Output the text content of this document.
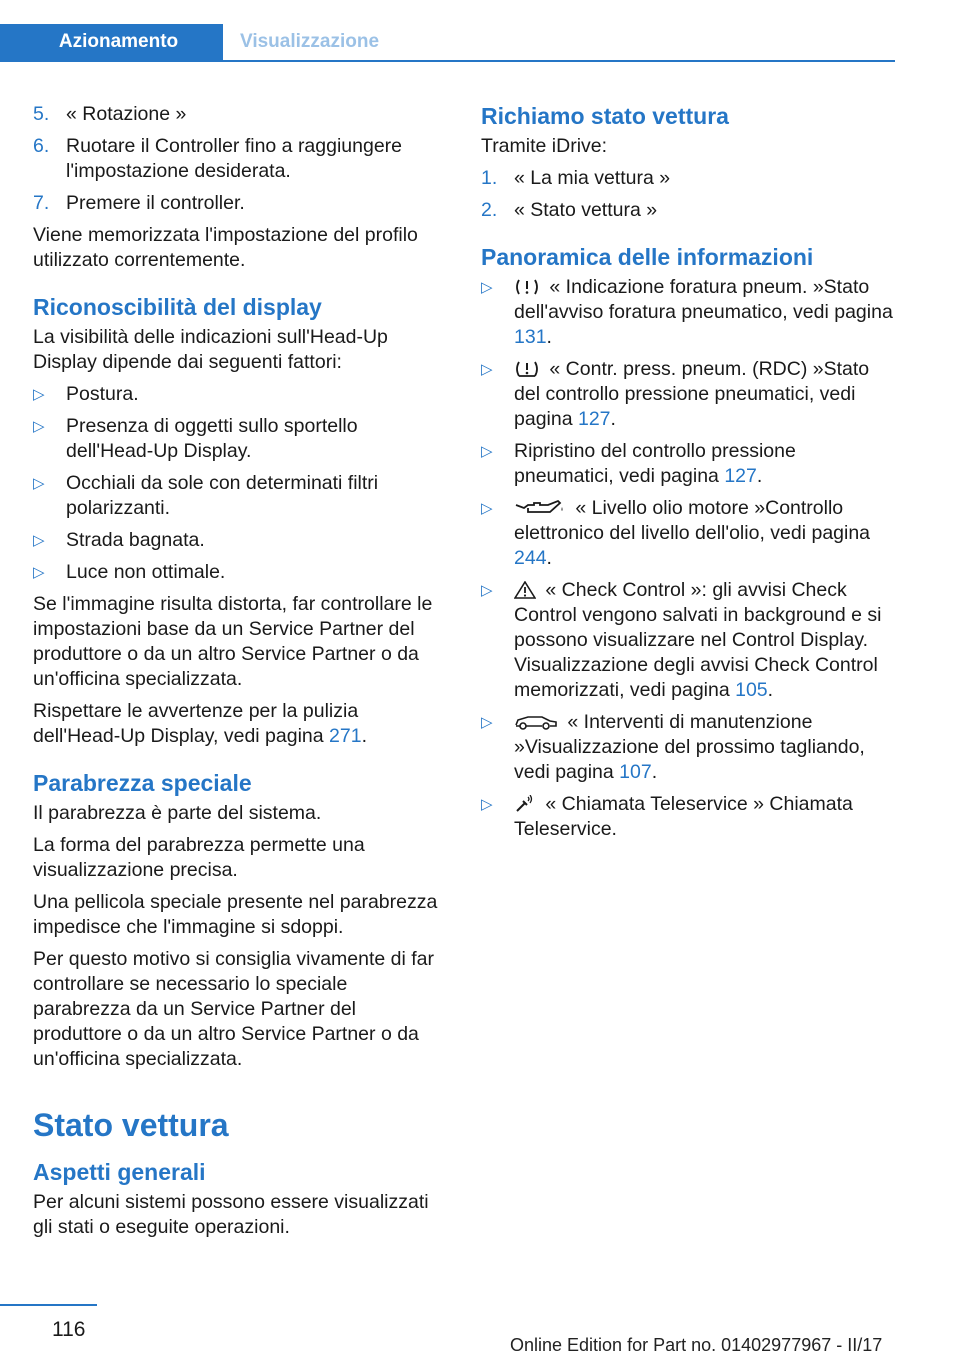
Azionamento	Visualizzazione
5. « Rotazione »
6. Ruotare il Controller fino a raggiungere l'impostazione desiderata.
7. Premere il controller.

Viene memorizzata l'impostazione del profilo utilizzato correntemente.

Riconoscibilità del display

La visibilità delle indicazioni sull'Head-Up Display dipende dai seguenti fattori:

▷	Postura.
▷	Presenza di oggetti sullo sportello dell'Head-Up Display.
▷	Occhiali da sole con determinati filtri polarizzanti.
▷	Strada bagnata.
▷	Luce non ottimale.

Se l'immagine risulta distorta, far controllare le impostazioni base da un Service Partner del produttore o da un altro Service Partner o da un'officina specializzata.

Rispettare le avvertenze per la pulizia dell'Head-Up Display, vedi pagina 271.

Parabrezza speciale

Il parabrezza è parte del sistema.

La forma del parabrezza permette una visualizzazione precisa.

Una pellicola speciale presente nel parabrezza impedisce che l'immagine si sdoppi.

Per questo motivo si consiglia vivamente di far controllare se necessario lo speciale parabrezza da un Service Partner del produttore o da un altro Service Partner o da un'officina specializzata.

Stato vettura
Aspetti generali

Per alcuni sistemi possono essere visualizzati gli stati o eseguite operazioni.

Richiamo stato vettura

Tramite iDrive:

1. « La mia vettura »
2. « Stato vettura »
Panoramica delle informazioni
▷	« Indicazione foratura pneum. »Stato dell'avviso foratura pneumatico, vedi pagina 131.
▷	« Contr. press. pneum. (RDC) »Stato del controllo pressione pneumatici, vedi pagina 127.
▷	Ripristino del controllo pressione pneumatici, vedi pagina 127.
▷	« Livello olio motore »Controllo elettronico del livello dell'olio, vedi pagina 244.
▷	« Check Control »: gli avvisi Check Control vengono salvati in background e si possono visualizzare nel Control Display. Visualizzazione degli avvisi Check Control memorizzati, vedi pagina 105.
▷	« Interventi di manutenzione »Visualizzazione del prossimo tagliando, vedi pagina 107.
▷	« Chiamata Teleservice » Chiamata Teleservice.
116
Online Edition for Part no. 01402977967 - II/17
